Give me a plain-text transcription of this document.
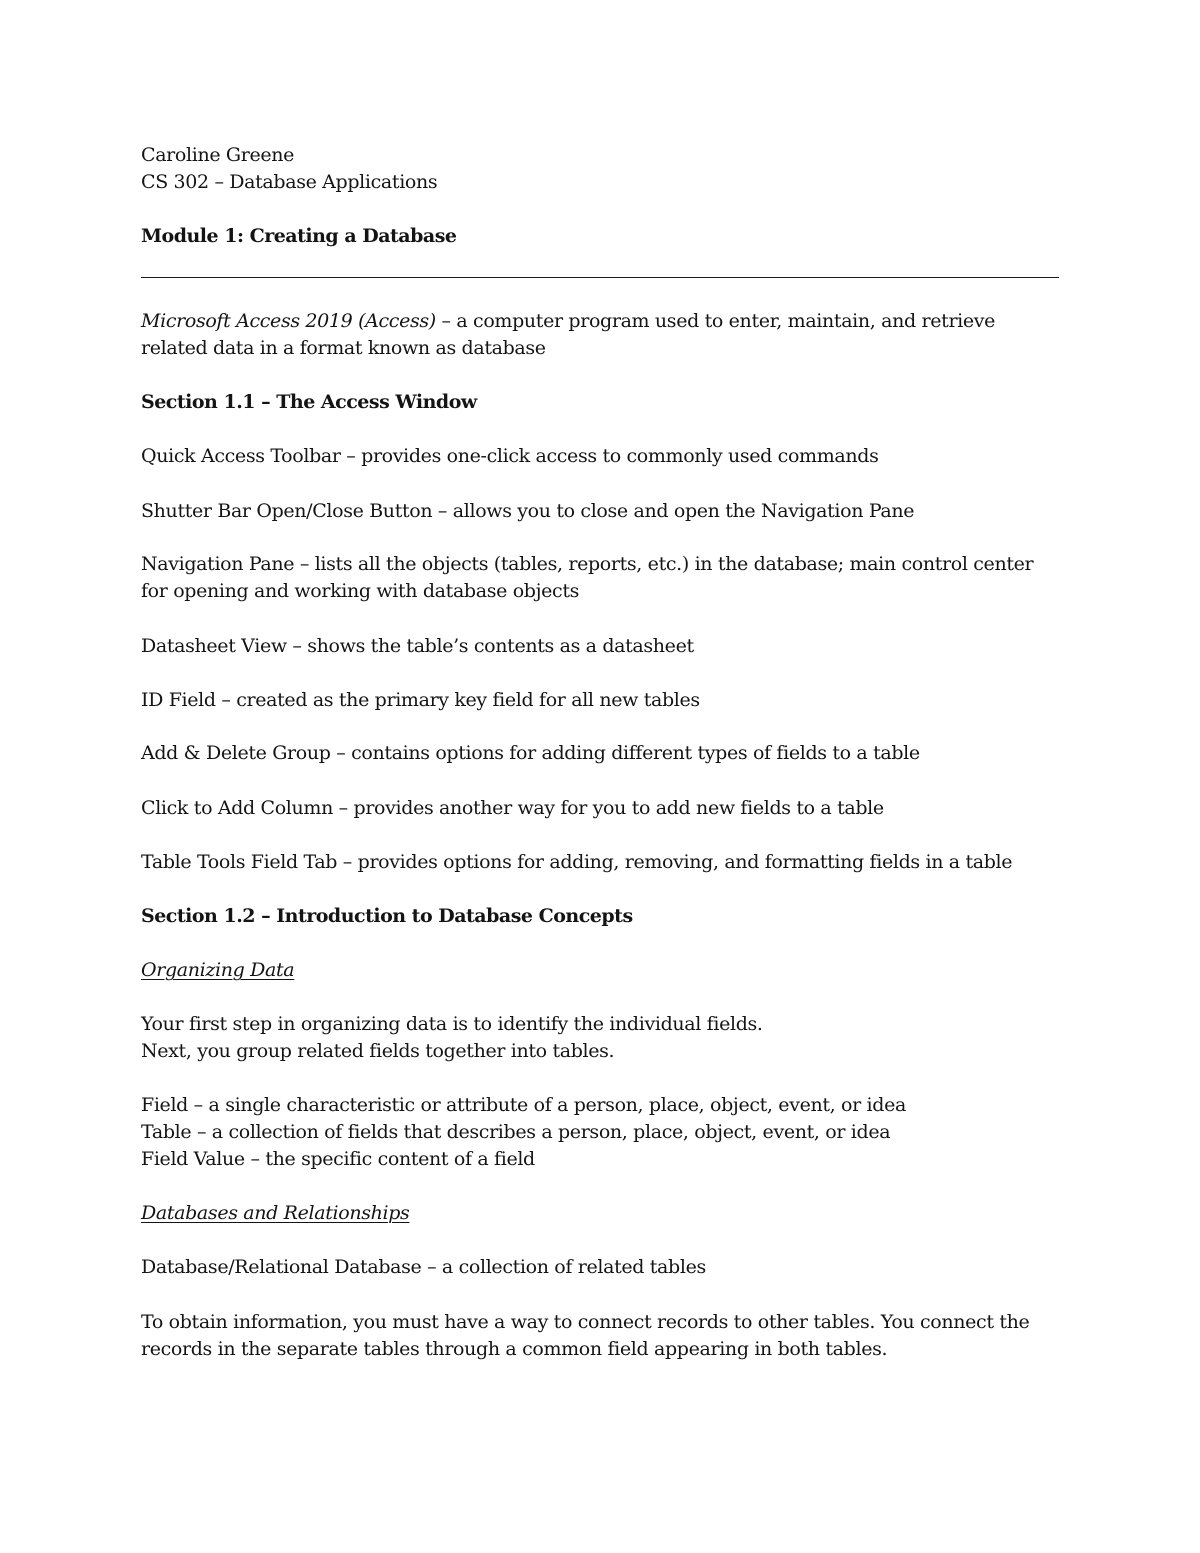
Caroline Greene
CS 302 – Database Applications
Module 1: Creating a Database
Microsoft Access 2019 (Access) – a computer program used to enter, maintain, and retrieve
related data in a format known as database
Section 1.1 – The Access Window
Quick Access Toolbar – provides one-click access to commonly used commands
Shutter Bar Open/Close Button – allows you to close and open the Navigation Pane
Navigation Pane – lists all the objects (tables, reports, etc.) in the database; main control center
for opening and working with database objects
Datasheet View – shows the table’s contents as a datasheet
ID Field – created as the primary key field for all new tables
Add & Delete Group – contains options for adding different types of fields to a table
Click to Add Column – provides another way for you to add new fields to a table
Table Tools Field Tab – provides options for adding, removing, and formatting fields in a table
Section 1.2 – Introduction to Database Concepts
Organizing Data
Your first step in organizing data is to identify the individual fields.
Next, you group related fields together into tables.
Field – a single characteristic or attribute of a person, place, object, event, or idea
Table – a collection of fields that describes a person, place, object, event, or idea
Field Value – the specific content of a field
Databases and Relationships
Database/Relational Database – a collection of related tables
To obtain information, you must have a way to connect records to other tables. You connect the
records in the separate tables through a common field appearing in both tables.
